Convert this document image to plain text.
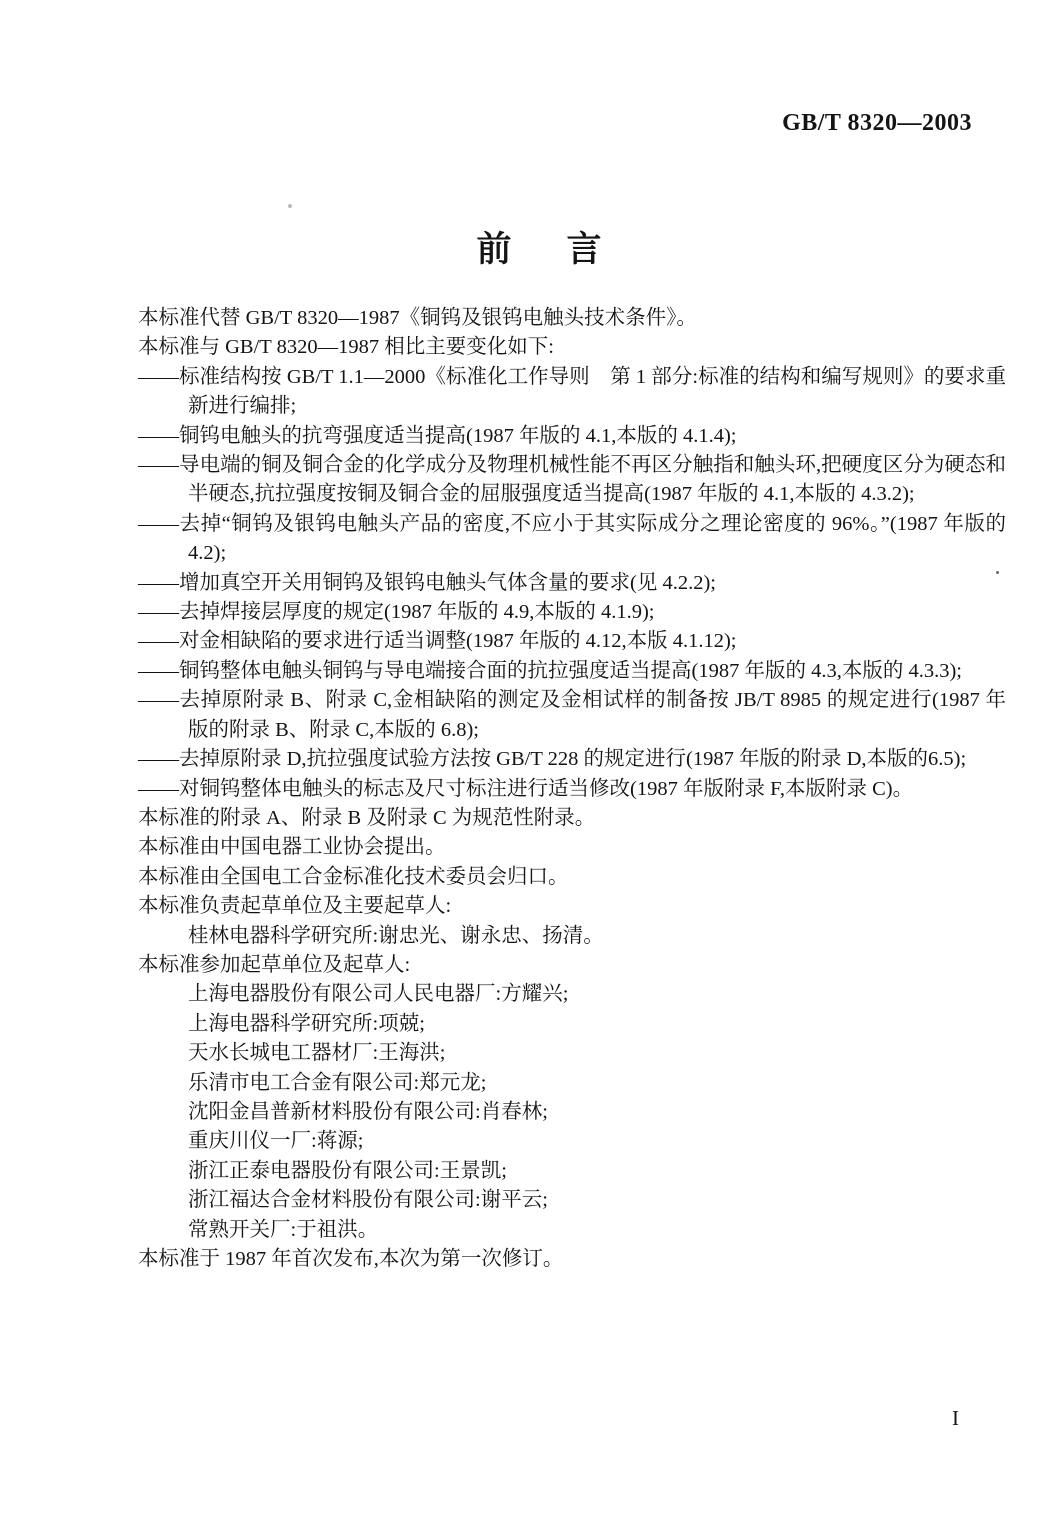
GB/T 8320—2003
前　言

本标准代替 GB/T 8320—1987《铜钨及银钨电触头技术条件》。

本标准与 GB/T 8320—1987 相比主要变化如下:

——标准结构按 GB/T 1.1—2000《标准化工作导则　第 1 部分:标准的结构和编写规则》的要求重新进行编排;

——铜钨电触头的抗弯强度适当提高(1987 年版的 4.1,本版的 4.1.4);

——导电端的铜及铜合金的化学成分及物理机械性能不再区分触指和触头环,把硬度区分为硬态和半硬态,抗拉强度按铜及铜合金的屈服强度适当提高(1987 年版的 4.1,本版的 4.3.2);

——去掉“铜钨及银钨电触头产品的密度,不应小于其实际成分之理论密度的 96%。”(1987 年版的 4.2);

——增加真空开关用铜钨及银钨电触头气体含量的要求(见 4.2.2);

——去掉焊接层厚度的规定(1987 年版的 4.9,本版的 4.1.9);

——对金相缺陷的要求进行适当调整(1987 年版的 4.12,本版 4.1.12);

——铜钨整体电触头铜钨与导电端接合面的抗拉强度适当提高(1987 年版的 4.3,本版的 4.3.3);

——去掉原附录 B、附录 C,金相缺陷的测定及金相试样的制备按 JB/T 8985 的规定进行(1987 年版的附录 B、附录 C,本版的 6.8);

——去掉原附录 D,抗拉强度试验方法按 GB/T 228 的规定进行(1987 年版的附录 D,本版的6.5);

——对铜钨整体电触头的标志及尺寸标注进行适当修改(1987 年版附录 F,本版附录 C)。

本标准的附录 A、附录 B 及附录 C 为规范性附录。

本标准由中国电器工业协会提出。

本标准由全国电工合金标准化技术委员会归口。

本标准负责起草单位及主要起草人:

桂林电器科学研究所:谢忠光、谢永忠、扬清。

本标准参加起草单位及起草人:

上海电器股份有限公司人民电器厂:方耀兴;

上海电器科学研究所:项兢;

天水长城电工器材厂:王海洪;

乐清市电工合金有限公司:郑元龙;

沈阳金昌普新材料股份有限公司:肖春林;

重庆川仪一厂:蒋源;

浙江正泰电器股份有限公司:王景凯;

浙江福达合金材料股份有限公司:谢平云;

常熟开关厂:于祖洪。

本标准于 1987 年首次发布,本次为第一次修订。

I
